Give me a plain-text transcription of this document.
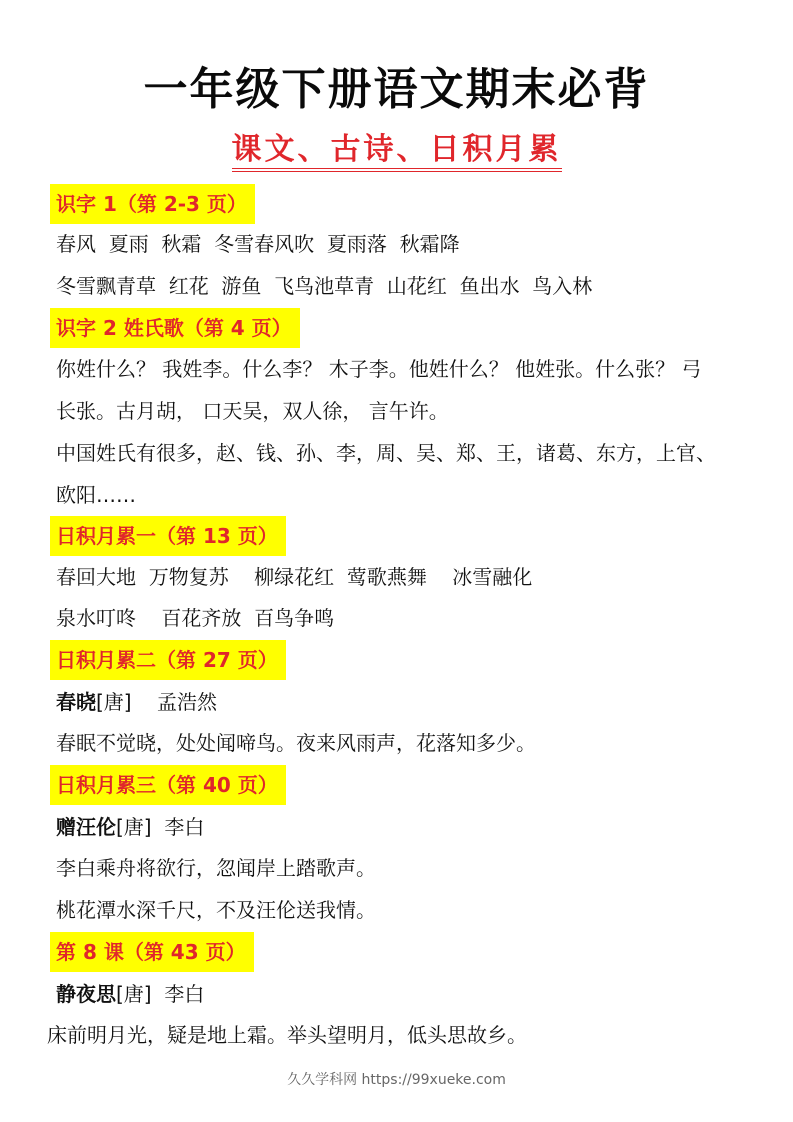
一年级下册语文期末必背
课文、古诗、日积月累
识字 1（第 2-3 页）
春风  夏雨  秋霜  冬雪春风吹  夏雨落  秋霜降
冬雪飘青草  红花  游鱼  飞鸟池草青  山花红  鱼出水  鸟入林
识字 2 姓氏歌（第 4 页）
你姓什么？ 我姓李。什么李？ 木子李。他姓什么？ 他姓张。什么张？ 弓
长张。古月胡， 口天吴，双人徐， 言午许。
中国姓氏有很多，赵、钱、孙、李，周、吴、郑、王，诸葛、东方，上官、
欧阳……
日积月累一（第 13 页）
春回大地  万物复苏    柳绿花红  莺歌燕舞    冰雪融化
泉水叮咚    百花齐放  百鸟争鸣
日积月累二（第 27 页）
春晓[唐] 孟浩然
春眠不觉晓，处处闻啼鸟。夜来风雨声，花落知多少。
日积月累三（第 40 页）
赠汪伦[唐] 李白
李白乘舟将欲行，忽闻岸上踏歌声。
桃花潭水深千尺，不及汪伦送我情。
第 8 课（第 43 页）
静夜思[唐] 李白
床前明月光，疑是地上霜。举头望明月，低头思故乡。
久久学科网 https://99xueke.com
